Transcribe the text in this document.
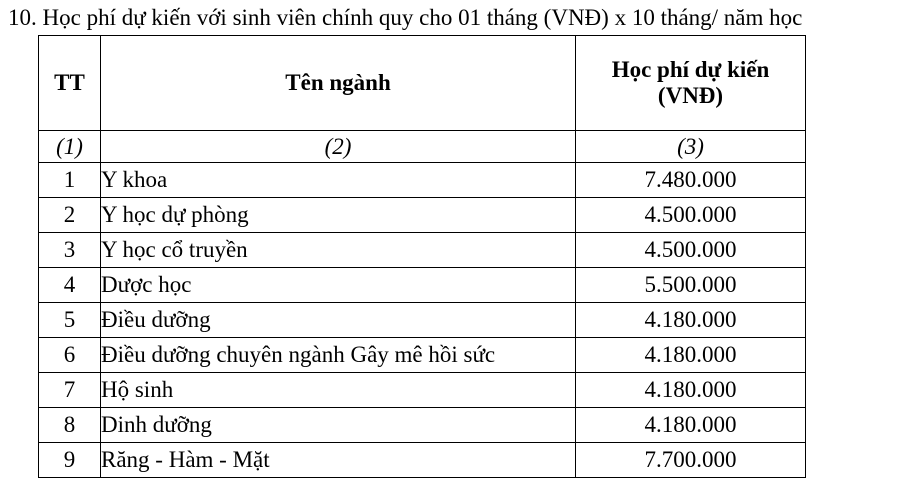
10. Học phí dự kiến với sinh viên chính quy cho 01 tháng (VNĐ) x 10 tháng/ năm học
TT	Tên ngành	Học phí dự kiến
(VNĐ)

(1)	(2)	(3)
1	Y khoa	7.480.000
2	Y học dự phòng	4.500.000
3	Y học cổ truyền	4.500.000
4	Dược học	5.500.000
5	Điều dưỡng	4.180.000
6	Điều dưỡng chuyên ngành Gây mê hồi sức	4.180.000
7	Hộ sinh	4.180.000
8	Dinh dưỡng	4.180.000
9	Răng - Hàm - Mặt	7.700.000
